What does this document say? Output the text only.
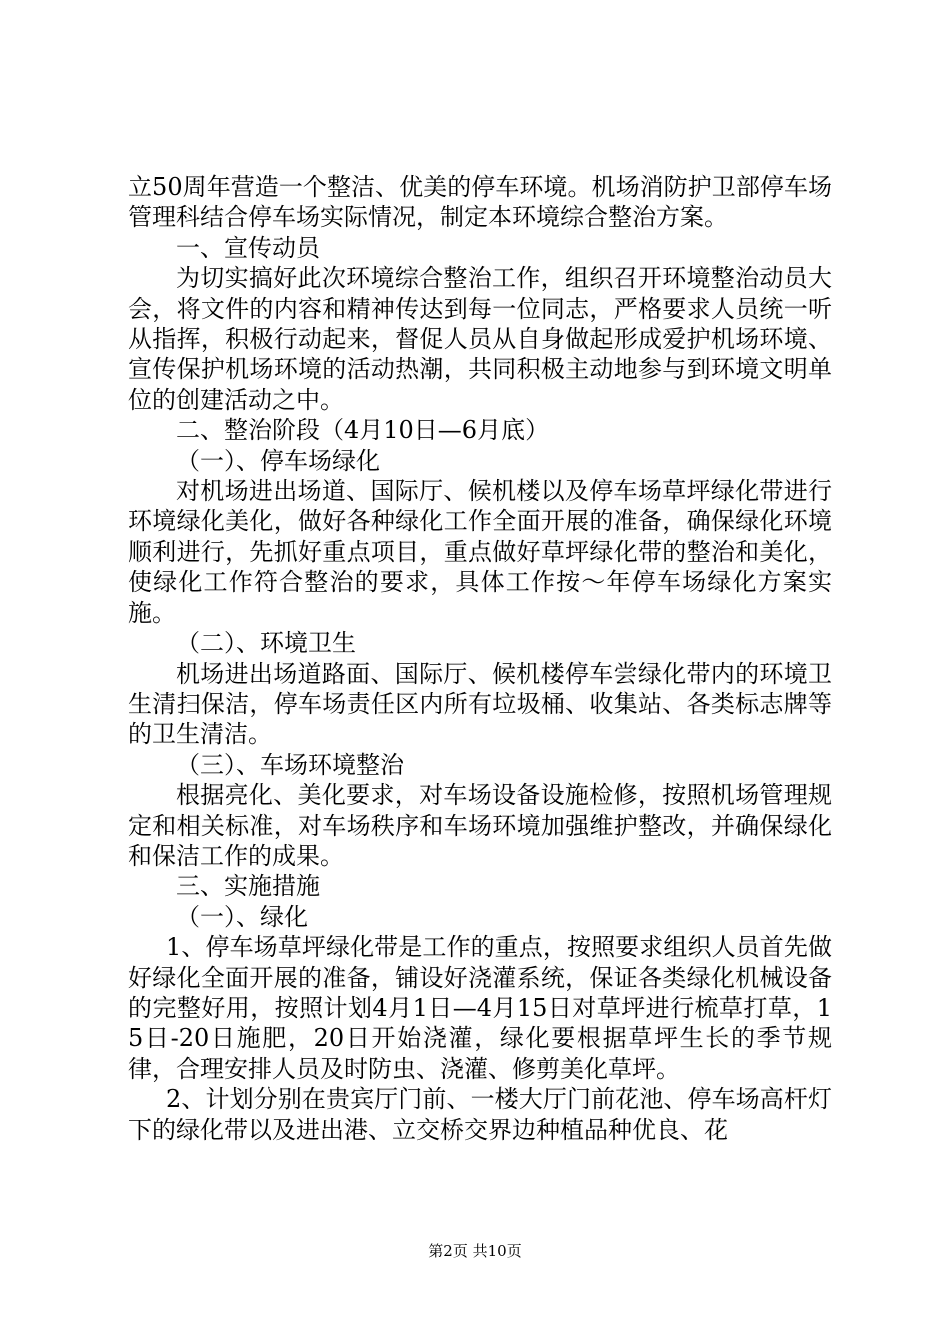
立50周年营造一个整洁、优美的停车环境。机场消防护卫部停车场管理科结合停车场实际情况，制定本环境综合整治方案。

一、宣传动员

为切实搞好此次环境综合整治工作，组织召开环境整治动员大会，将文件的内容和精神传达到每一位同志，严格要求人员统一听从指挥，积极行动起来，督促人员从自身做起形成爱护机场环境、宣传保护机场环境的活动热潮，共同积极主动地参与到环境文明单位的创建活动之中。

二、整治阶段（4月10日—6月底）

（一）、停车场绿化

对机场进出场道、国际厅、候机楼以及停车场草坪绿化带进行环境绿化美化，做好各种绿化工作全面开展的准备，确保绿化环境顺利进行，先抓好重点项目，重点做好草坪绿化带的整治和美化，使绿化工作符合整治的要求，具体工作按～年停车场绿化方案实施。

（二）、环境卫生

机场进出场道路面、国际厅、候机楼停车尝绿化带内的环境卫生清扫保洁，停车场责任区内所有垃圾桶、收集站、各类标志牌等的卫生清洁。

（三）、车场环境整治

根据亮化、美化要求，对车场设备设施检修，按照机场管理规定和相关标准，对车场秩序和车场环境加强维护整改，并确保绿化和保洁工作的成果。

三、实施措施

（一）、绿化

1、停车场草坪绿化带是工作的重点，按照要求组织人员首先做好绿化全面开展的准备，铺设好浇灌系统，保证各类绿化机械设备的完整好用，按照计划4月1日—4月15日对草坪进行梳草打草，15日-20日施肥，20日开始浇灌，绿化要根据草坪生长的季节规律，合理安排人员及时防虫、浇灌、修剪美化草坪。

2、计划分别在贵宾厅门前、一楼大厅门前花池、停车场高杆灯下的绿化带以及进出港、立交桥交界边种植品种优良、花

第2页 共10页
